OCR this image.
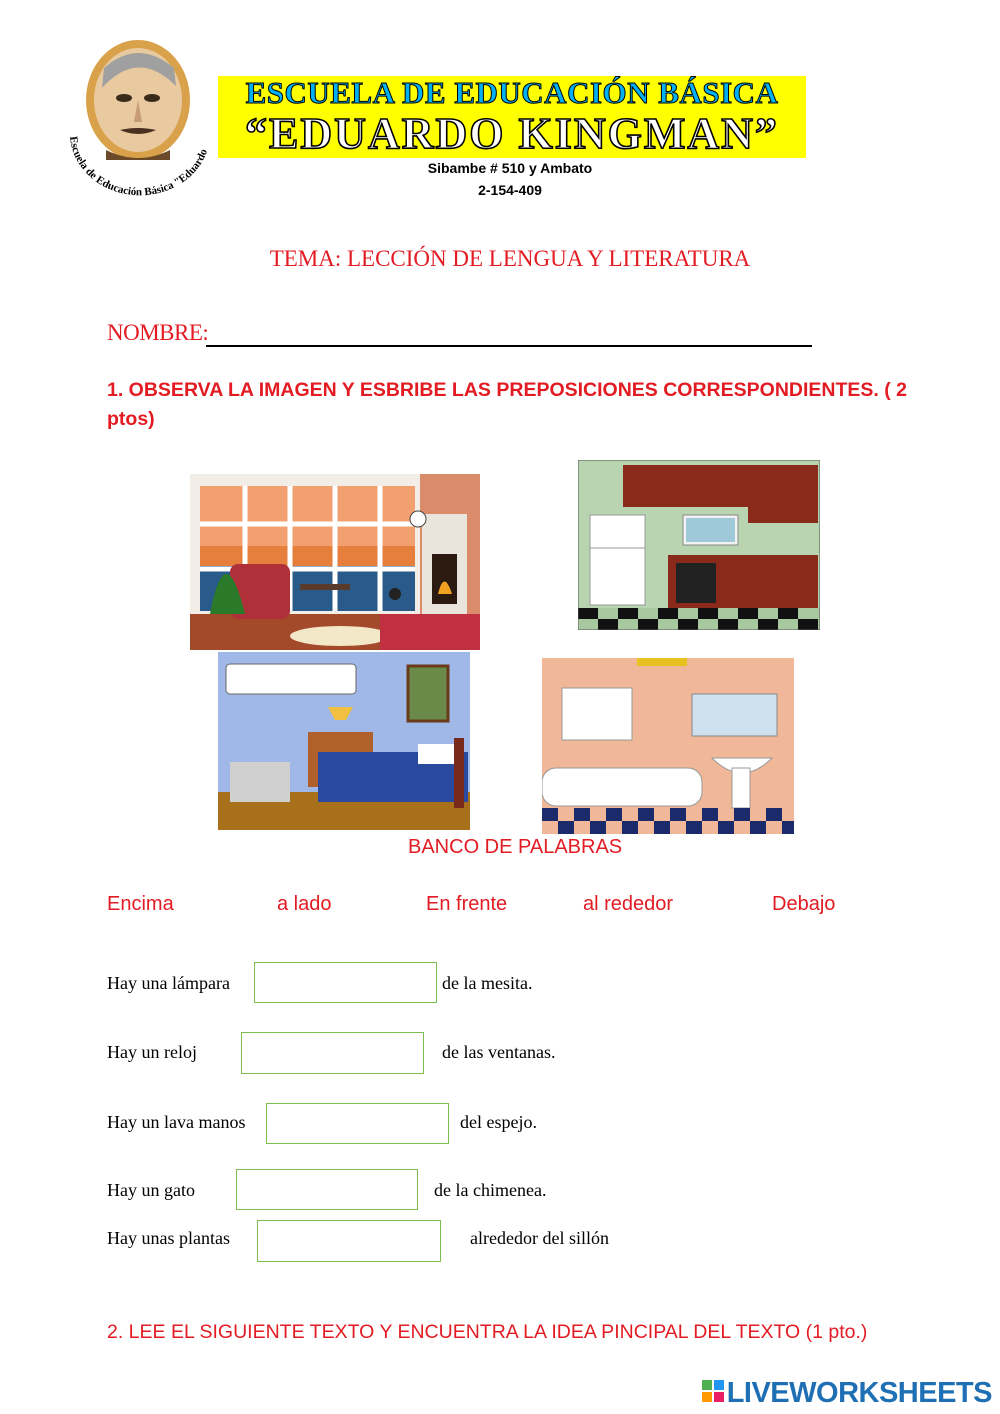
Escuela de Educación Básica "Eduardo
ESCUELA DE EDUCACIÓN BÁSICA
“EDUARDO KINGMAN”
Sibambe # 510 y Ambato
2-154-409
TEMA: LECCIÓN DE LENGUA Y LITERATURA
NOMBRE:
1. OBSERVA LA IMAGEN Y ESBRIBE LAS PREPOSICIONES CORRESPONDIENTES. ( 2 ptos)
BANCO DE PALABRAS
Encima	a lado	En frente	al rededor	Debajo
Hay una lámpara	de la mesita.
Hay un reloj	de las ventanas.
Hay un lava manos	del espejo.
Hay un gato	de la chimenea.
Hay unas plantas	alrededor del sillón
2. LEE EL SIGUIENTE TEXTO Y ENCUENTRA LA IDEA PINCIPAL DEL TEXTO (1 pto.)
LIVEWORKSHEETS
